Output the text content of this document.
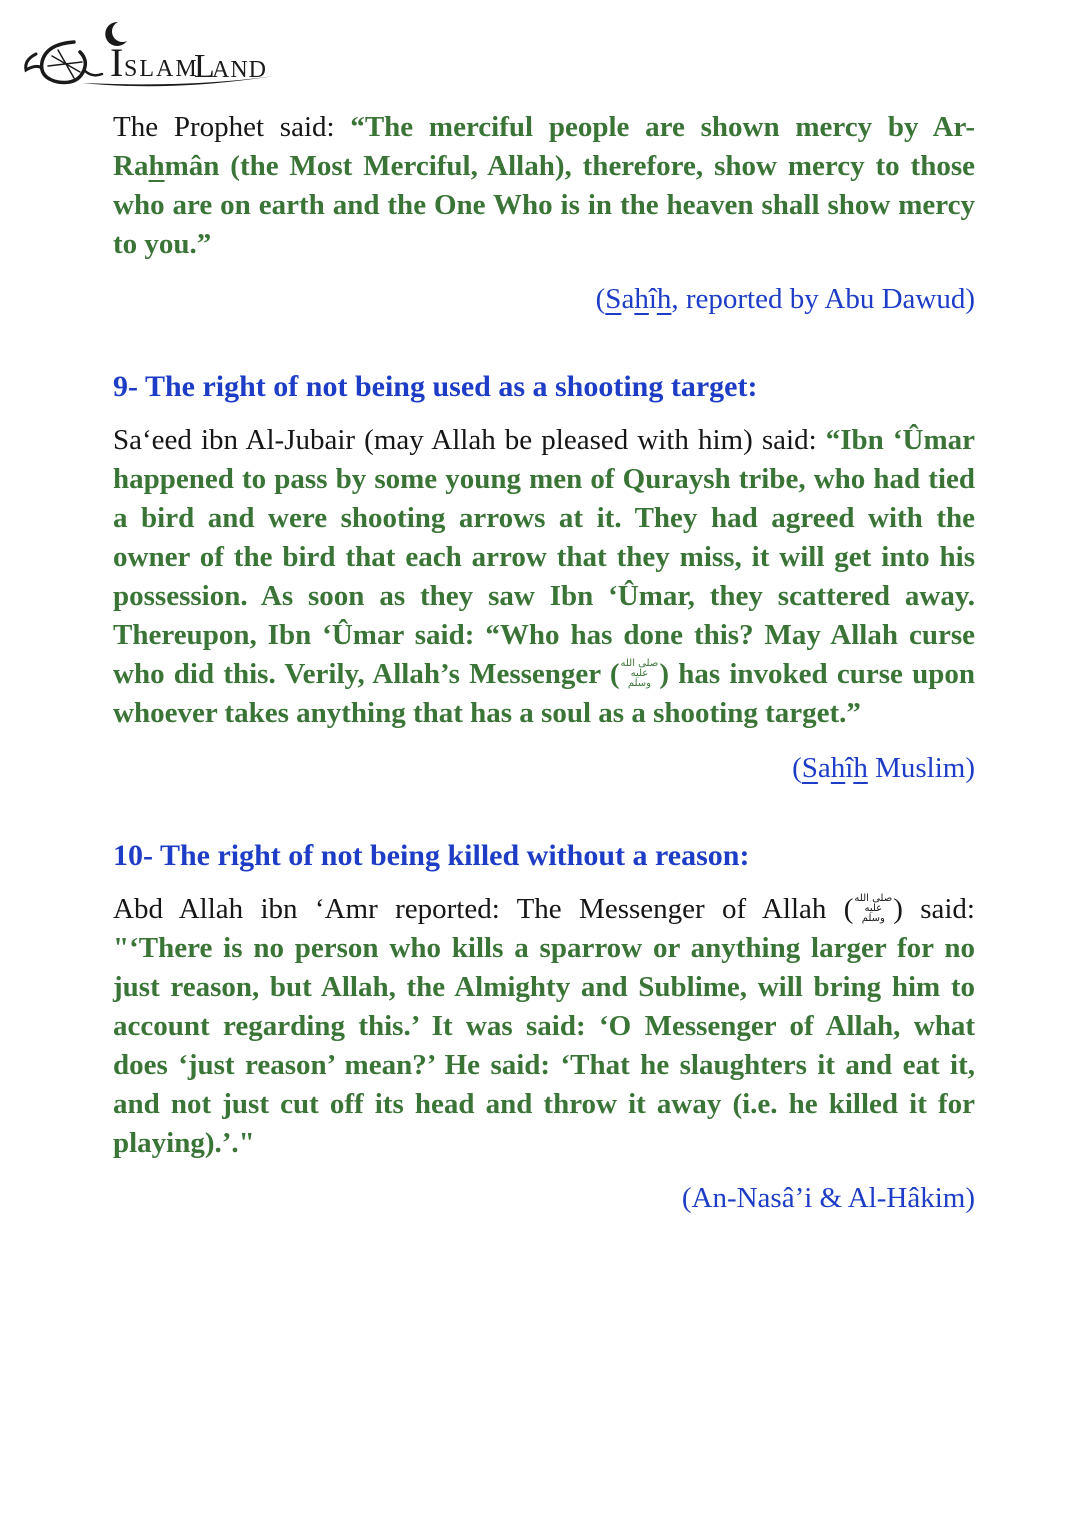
I SLAM
L
AND

The Prophet said: “The merciful people are shown mercy by Ar-Rahmân (the Most Merciful, Allah), therefore, show mercy to those who are on earth and the One Who is in the heaven shall show mercy to you.”

(Sahîh, reported by Abu Dawud)

9- The right of not being used as a shooting target:

Sa‘eed ibn Al-Jubair (may Allah be pleased with him) said: “Ibn ‘Ûmar happened to pass by some young men of Quraysh tribe, who had tied a bird and were shooting arrows at it. They had agreed with the owner of the bird that each arrow that they miss, it will get into his possession. As soon as they saw Ibn ‘Ûmar, they scattered away. Thereupon, Ibn ‘Ûmar said: “Who has done this? May Allah curse who did this. Verily, Allah’s Messenger ( صلى الله
عليه
وسلم ) has invoked curse upon whoever takes anything that has a soul as a shooting target.”

(Sahîh Muslim)

10- The right of not being killed without a reason:

Abd Allah ibn ‘Amr reported: The Messenger of Allah ( صلى الله
عليه
وسلم ) said: "‘There is no person who kills a sparrow or anything larger for no just reason, but Allah, the Almighty and Sublime, will bring him to account regarding this.’ It was said: ‘O Messenger of Allah, what does ‘just reason’ mean?’ He said: ‘That he slaughters it and eat it, and not just cut off its head and throw it away (i.e. he killed it for playing).’."

(An-Nasâ’i & Al-Hâkim)
